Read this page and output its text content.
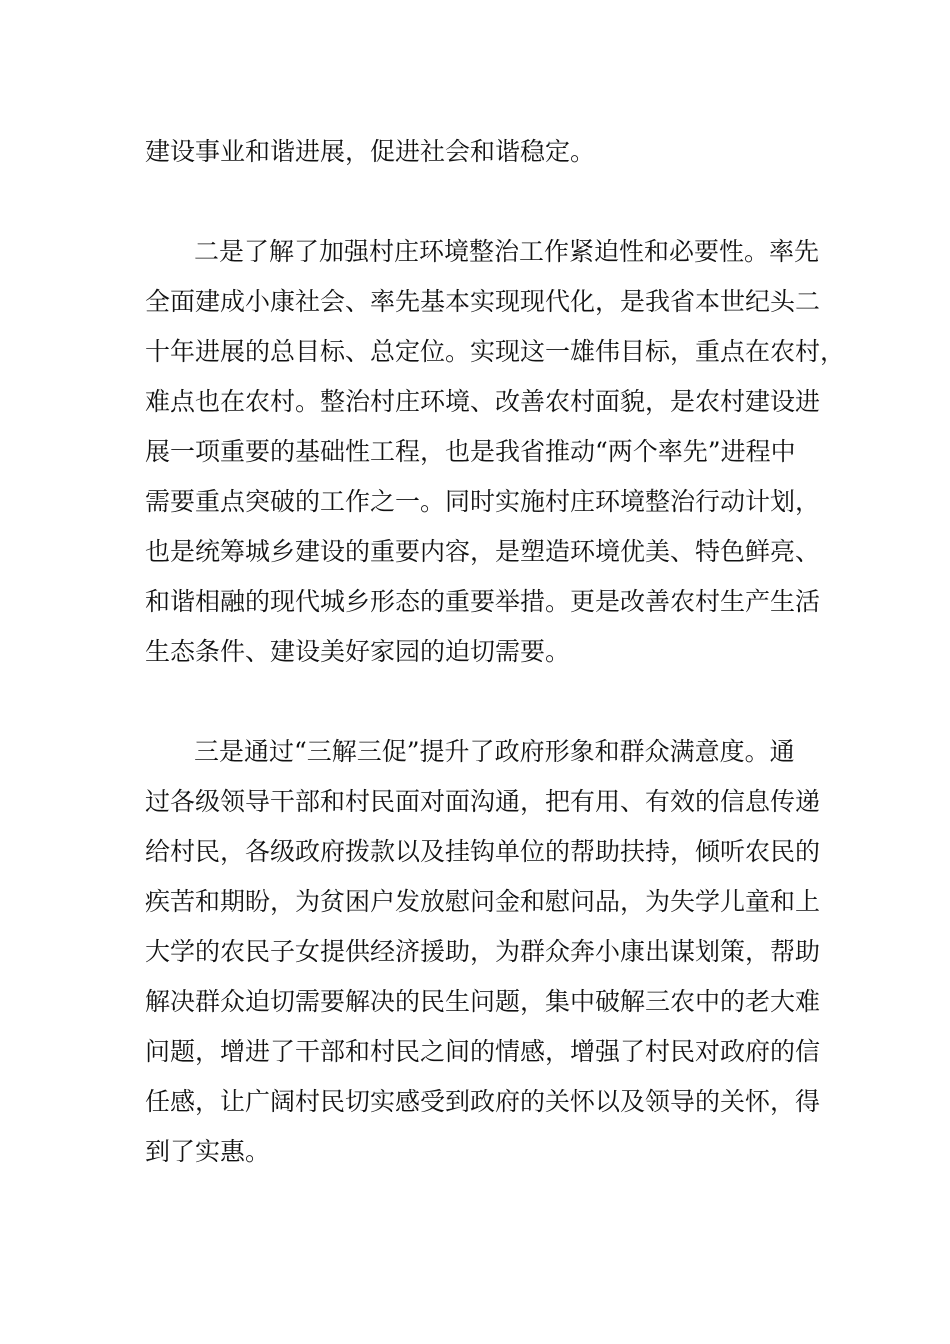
建设事业和谐进展，促进社会和谐稳定。
二是了解了加强村庄环境整治工作紧迫性和必要性。率先
全面建成小康社会、率先基本实现现代化，是我省本世纪头二
十年进展的总目标、总定位。实现这一雄伟目标，重点在农村，
难点也在农村。整治村庄环境、改善农村面貌，是农村建设进
展一项重要的基础性工程，也是我省推动“两个率先”进程中
需要重点突破的工作之一。同时实施村庄环境整治行动计划，
也是统筹城乡建设的重要内容，是塑造环境优美、特色鲜亮、
和谐相融的现代城乡形态的重要举措。更是改善农村生产生活
生态条件、建设美好家园的迫切需要。
三是通过“三解三促”提升了政府形象和群众满意度。通
过各级领导干部和村民面对面沟通，把有用、有效的信息传递
给村民，各级政府拨款以及挂钩单位的帮助扶持，倾听农民的
疾苦和期盼，为贫困户发放慰问金和慰问品，为失学儿童和上
大学的农民子女提供经济援助，为群众奔小康出谋划策，帮助
解决群众迫切需要解决的民生问题，集中破解三农中的老大难
问题，增进了干部和村民之间的情感，增强了村民对政府的信
任感，让广阔村民切实感受到政府的关怀以及领导的关怀，得
到了实惠。
